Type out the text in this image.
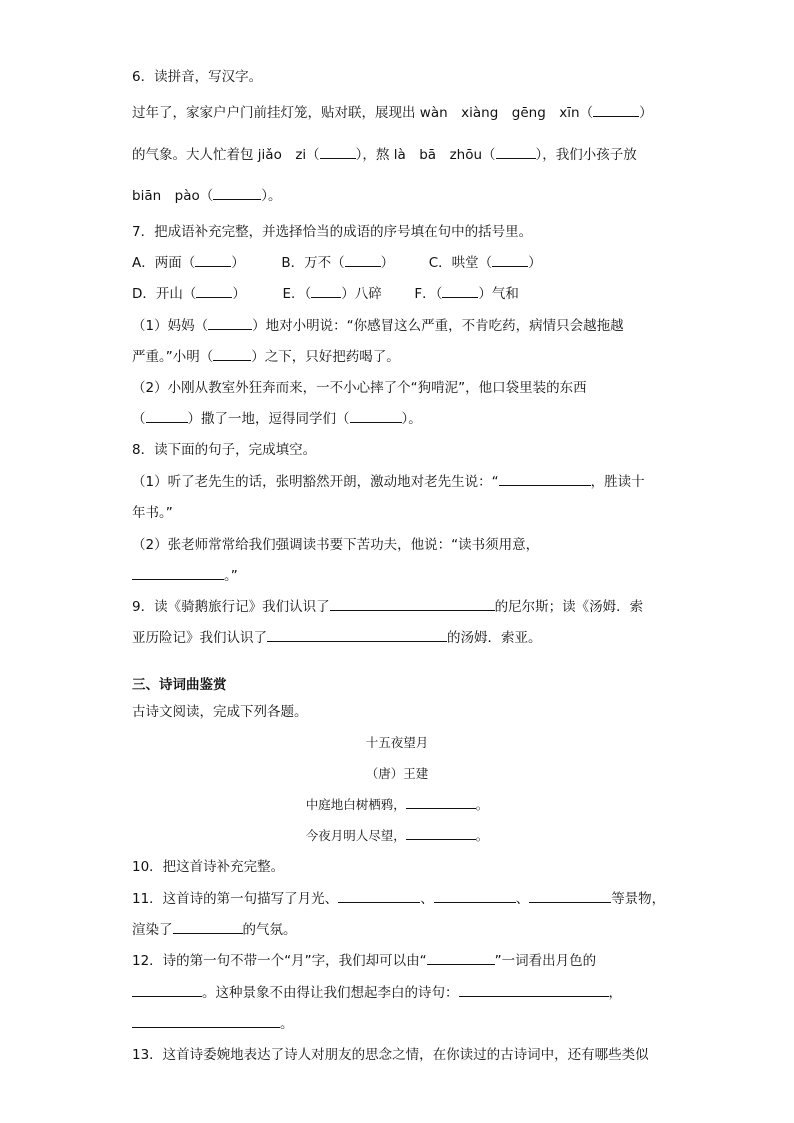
6．读拼音，写汉字。
过年了，家家户户门前挂灯笼，贴对联，展现出 wàn　xiàng　gēng　xīn（	）
的气象。大人忙着包 jiǎo　zi（	），熬 là　bā　zhōu（	），我们小孩子放
biān　pào（	）。
7．把成语补充完整，并选择恰当的成语的序号填在句中的括号里。
A．两面（	）	B．万不（	）	C．哄堂（	）
D．开山（	）	E．（ ）八碎 F．（	）气和
（1）妈妈（	）地对小明说：“你感冒这么严重，不肯吃药，病情只会越拖越
严重。”小明（	）之下，只好把药喝了。
（2）小刚从教室外狂奔而来，一不小心摔了个“狗啃泥”，他口袋里装的东西
（	）撒了一地，逗得同学们（	）。
8．读下面的句子，完成填空。
（1）听了老先生的话，张明豁然开朗，激动地对老先生说：“	，胜读十
年书。”
（2）张老师常常给我们强调读书要下苦功夫，他说：“读书须用意，
。”
9．读《骑鹅旅行记》我们认识了	的尼尔斯；读《汤姆．索
亚历险记》我们认识了	的汤姆．索亚。
三、诗词曲鉴赏
古诗文阅读，完成下列各题。
十五夜望月
（唐）王建
中庭地白树栖鸦，	。
今夜月明人尽望，	。
10．把这首诗补充完整。
11．这首诗的第一句描写了月光、	、	、	等景物，
渲染了	的气氛。
12．诗的第一句不带一个“月”字，我们却可以由“	”一词看出月色的
。这种景象不由得让我们想起李白的诗句：	，
。
13．这首诗委婉地表达了诗人对朋友的思念之情，在你读过的古诗词中，还有哪些类似
